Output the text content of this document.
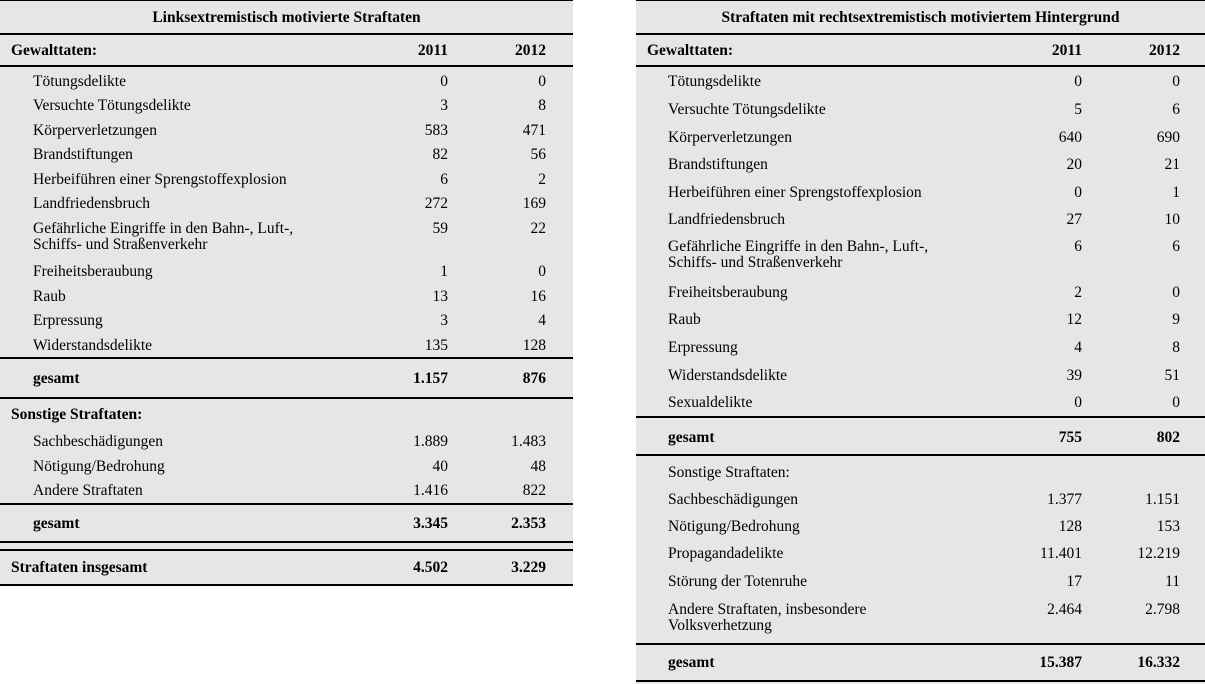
Linksextremistisch motivierte Straftaten
Gewalttaten:	2011	2012
Tötungsdelikte	0	0
Versuchte Tötungsdelikte	3	8
Körperverletzungen	583	471
Brandstiftungen	82	56
Herbeiführen einer Sprengstoffexplosion	6	2
Landfriedensbruch	272	169
Gefährliche Eingriffe in den Bahn-, Luft-,
Schiffs- und Straßenverkehr
59	22
Freiheitsberaubung	1	0
Raub	13	16
Erpressung	3	4
Widerstandsdelikte	135	128
gesamt	1.157	876
Sonstige Straftaten:
Sachbeschädigungen	1.889	1.483
Nötigung/Bedrohung	40	48
Andere Straftaten	1.416	822
gesamt	3.345	2.353
Straftaten insgesamt	4.502	3.229
Straftaten mit rechtsextremistisch motiviertem Hintergrund
Gewalttaten:	2011	2012
Tötungsdelikte	0	0
Versuchte Tötungsdelikte	5	6
Körperverletzungen	640	690
Brandstiftungen	20	21
Herbeiführen einer Sprengstoffexplosion	0	1
Landfriedensbruch	27	10
Gefährliche Eingriffe in den Bahn-, Luft-,
Schiffs- und Straßenverkehr
6	6
Freiheitsberaubung	2	0
Raub	12	9
Erpressung	4	8
Widerstandsdelikte	39	51
Sexualdelikte	0	0
gesamt	755	802
Sonstige Straftaten:
Sachbeschädigungen	1.377	1.151
Nötigung/Bedrohung	128	153
Propagandadelikte	11.401	12.219
Störung der Totenruhe	17	11
Andere Straftaten, insbesondere
Volksverhetzung
2.464	2.798
gesamt	15.387	16.332
